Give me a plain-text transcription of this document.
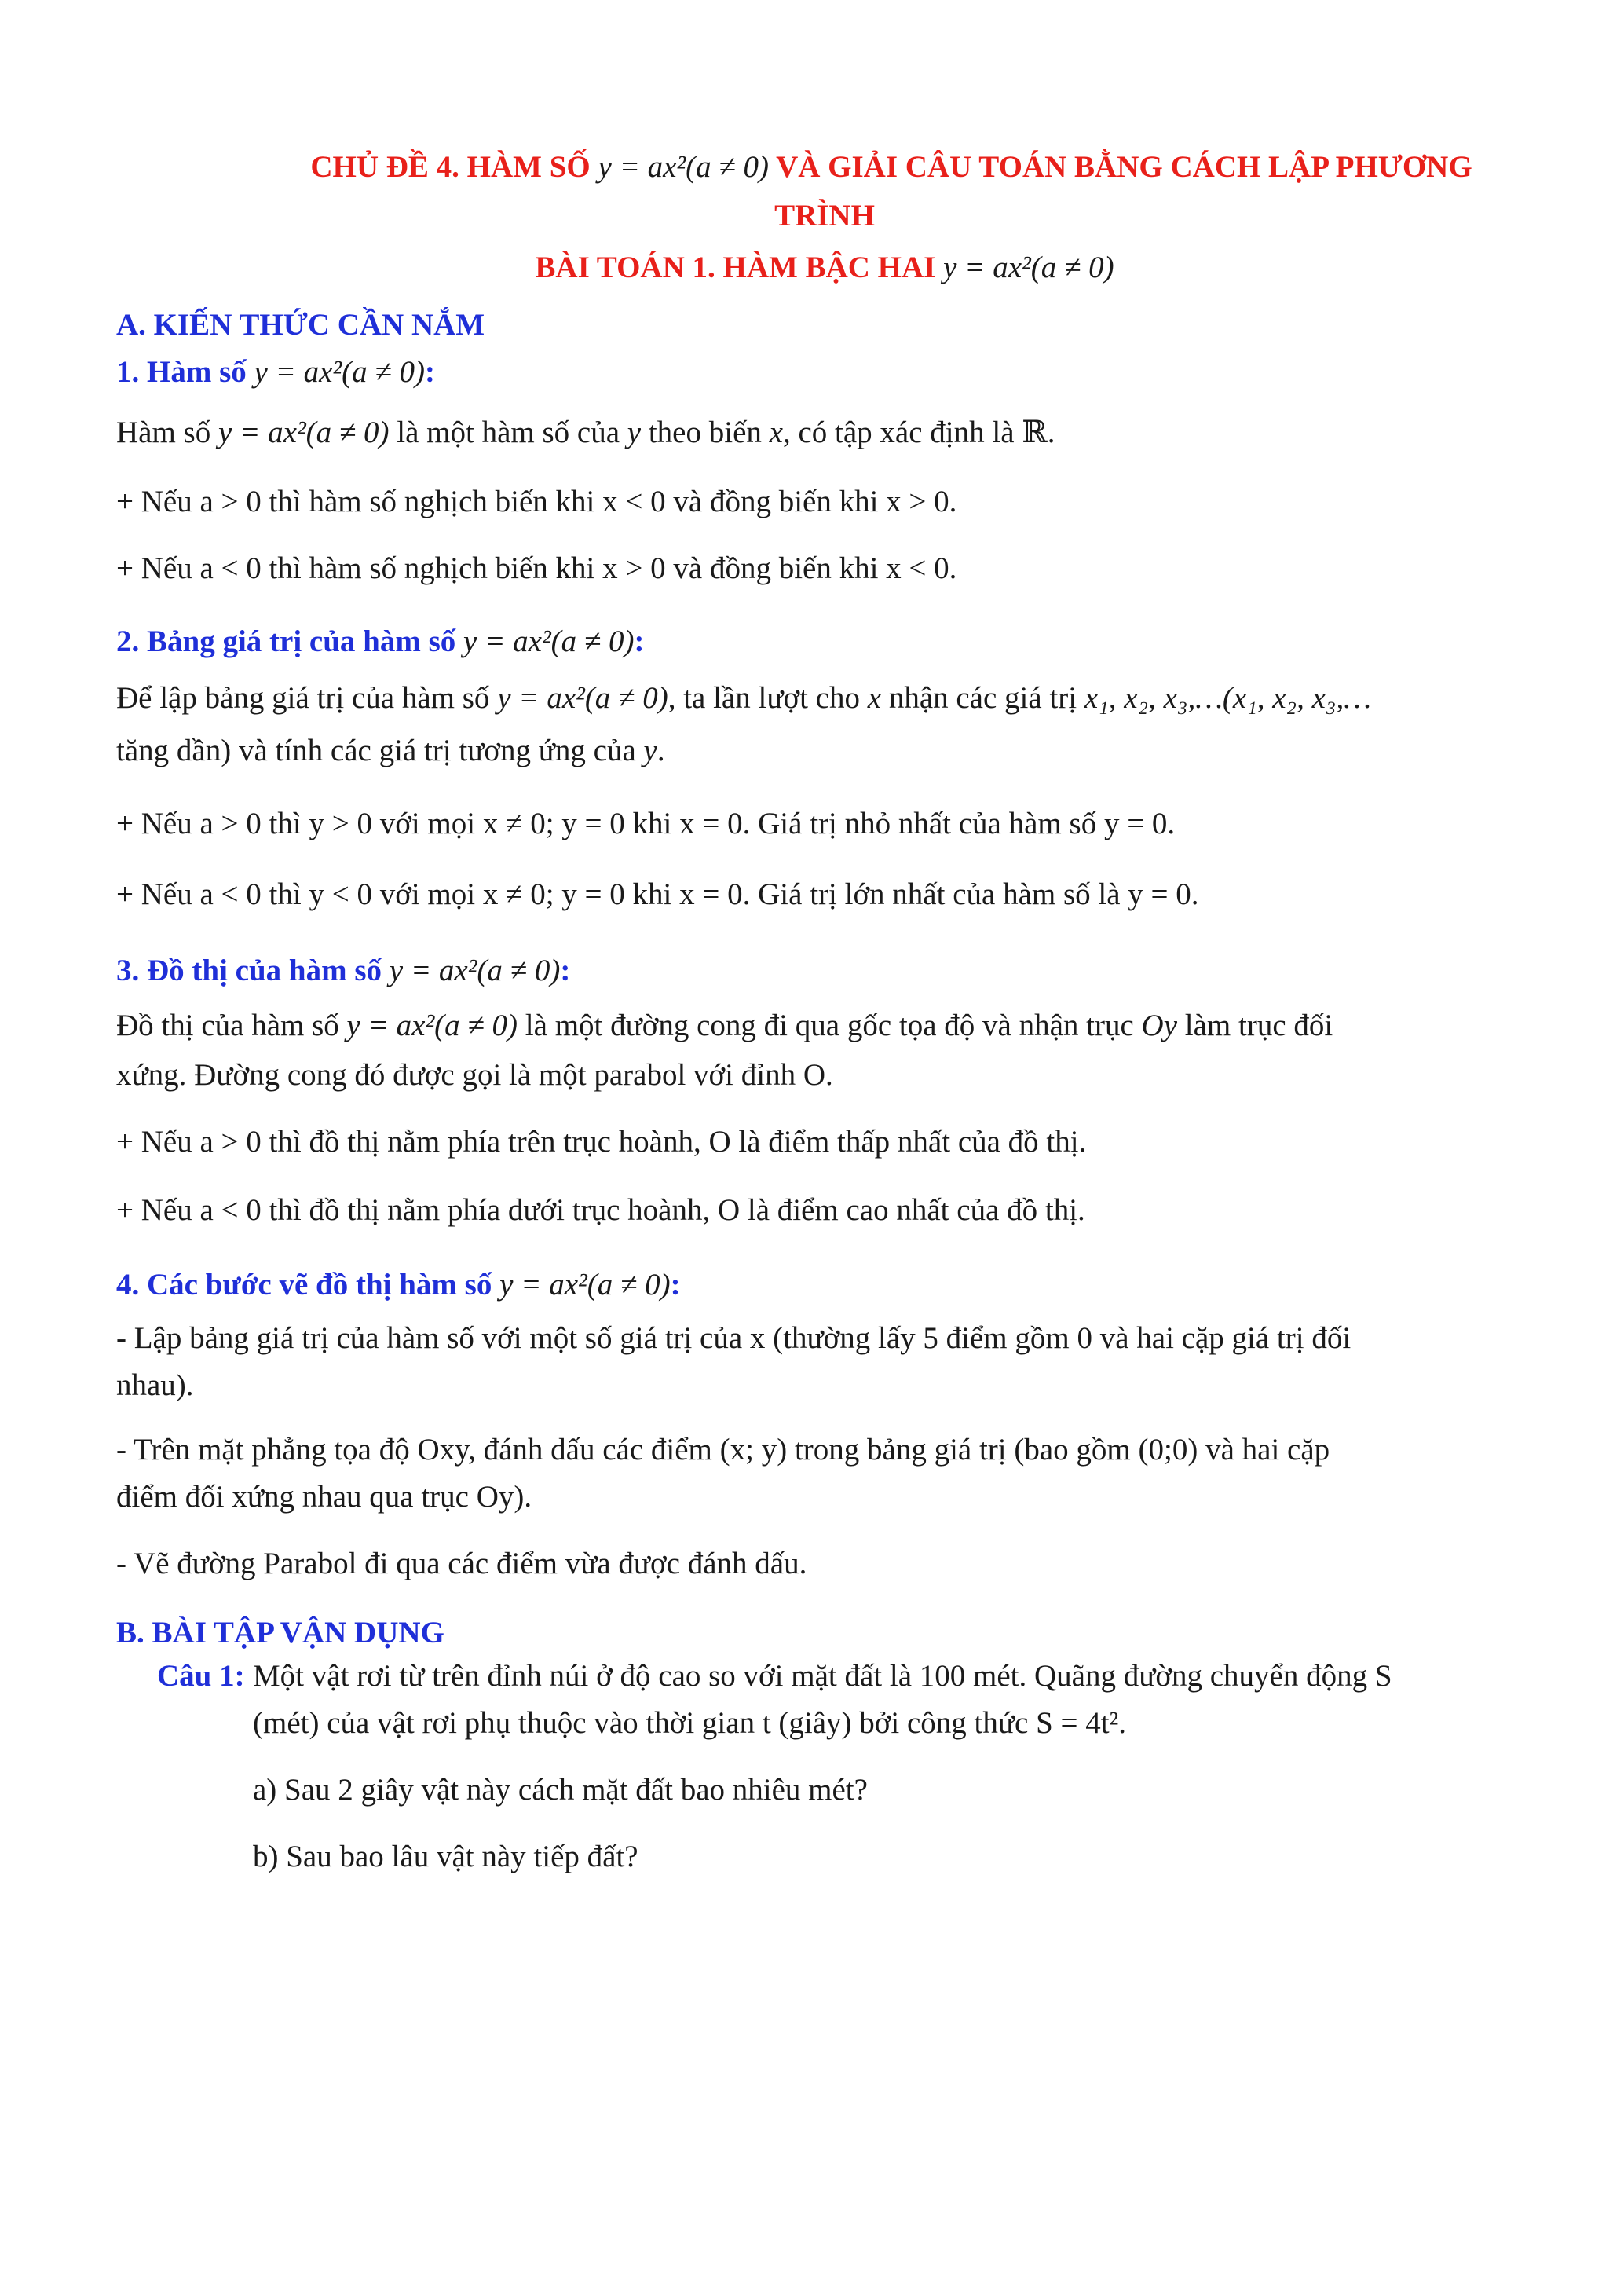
CHỦ ĐỀ 4. HÀM SỐ y = ax²(a ≠ 0) VÀ GIẢI CÂU TOÁN BẰNG CÁCH LẬP PHƯƠNG
TRÌNH
BÀI TOÁN 1. HÀM BẬC HAI y = ax²(a ≠ 0)
A. KIẾN THỨC CẦN NẮM
1. Hàm số y = ax²(a ≠ 0):
Hàm số y = ax²(a ≠ 0) là một hàm số của y theo biến x, có tập xác định là ℝ.
+ Nếu a > 0 thì hàm số nghịch biến khi x < 0 và đồng biến khi x > 0.
+ Nếu a < 0 thì hàm số nghịch biến khi x > 0 và đồng biến khi x < 0.
2. Bảng giá trị của hàm số y = ax²(a ≠ 0):
Để lập bảng giá trị của hàm số y = ax²(a ≠ 0), ta lần lượt cho x nhận các giá trị x₁, x₂, x₃,…(x₁, x₂, x₃,…
tăng dần) và tính các giá trị tương ứng của y.
+ Nếu a > 0 thì y > 0 với mọi x ≠ 0; y = 0 khi x = 0. Giá trị nhỏ nhất của hàm số y = 0.
+ Nếu a < 0 thì y < 0 với mọi x ≠ 0; y = 0 khi x = 0. Giá trị lớn nhất của hàm số là y = 0.
3. Đồ thị của hàm số y = ax²(a ≠ 0):
Đồ thị của hàm số y = ax²(a ≠ 0) là một đường cong đi qua gốc tọa độ và nhận trục Oy làm trục đối
xứng. Đường cong đó được gọi là một parabol với đỉnh O.
+ Nếu a > 0 thì đồ thị nằm phía trên trục hoành, O là điểm thấp nhất của đồ thị.
+ Nếu a < 0 thì đồ thị nằm phía dưới trục hoành, O là điểm cao nhất của đồ thị.
4. Các bước vẽ đồ thị hàm số y = ax²(a ≠ 0):
- Lập bảng giá trị của hàm số với một số giá trị của x (thường lấy 5 điểm gồm 0 và hai cặp giá trị đối
nhau).
- Trên mặt phẳng tọa độ Oxy, đánh dấu các điểm (x; y) trong bảng giá trị (bao gồm (0;0) và hai cặp
điểm đối xứng nhau qua trục Oy).
- Vẽ đường Parabol đi qua các điểm vừa được đánh dấu.
B. BÀI TẬP VẬN DỤNG
Câu 1: Một vật rơi từ trên đỉnh núi ở độ cao so với mặt đất là 100 mét. Quãng đường chuyển động S
(mét) của vật rơi phụ thuộc vào thời gian t (giây) bởi công thức S = 4t².
a) Sau 2 giây vật này cách mặt đất bao nhiêu mét?
b) Sau bao lâu vật này tiếp đất?
